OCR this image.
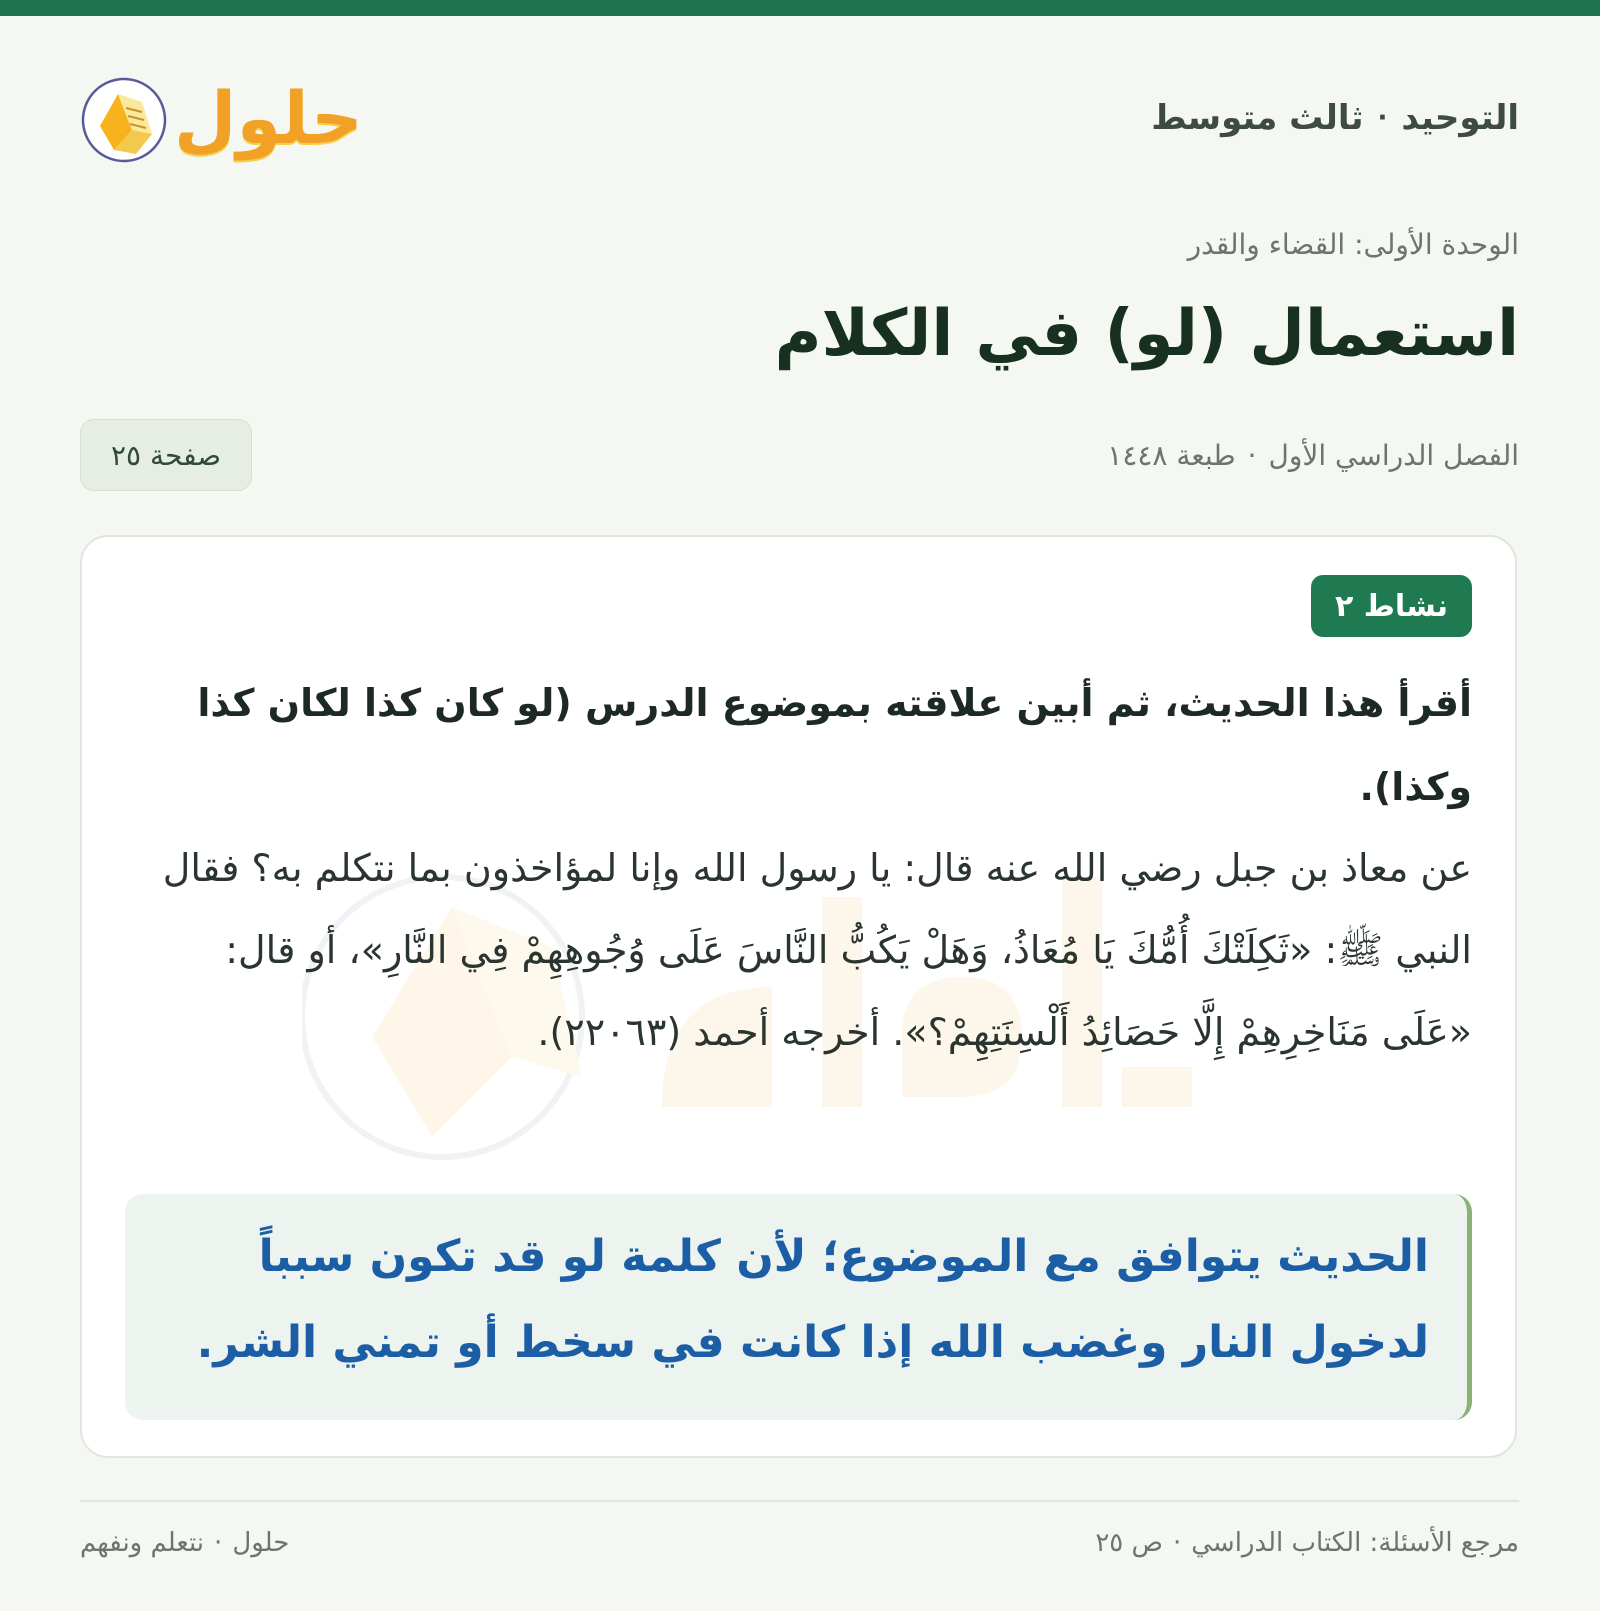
التوحيد
·
ثالث متوسط
حلول
الوحدة الأولى: القضاء والقدر
استعمال (لو) في الكلام
الفصل الدراسي الأول
·
طبعة ١٤٤٨
صفحة ٢٥
نشاط ٢

أقرأ هذا الحديث، ثم أبين علاقته بموضوع الدرس (لو كان كذا لكان كذا وكذا).

عن معاذ بن جبل رضي الله عنه قال: يا رسول الله وإنا لمؤاخذون بما نتكلم به؟ فقال النبي ﷺ: «ثَكِلَتْكَ أُمُّكَ يَا مُعَاذُ، وَهَلْ يَكُبُّ النَّاسَ عَلَى وُجُوهِهِمْ فِي النَّارِ»، أو قال: «عَلَى مَنَاخِرِهِمْ إِلَّا حَصَائِدُ أَلْسِنَتِهِمْ؟». أخرجه أحمد (٢٢٠٦٣).

الحديث يتوافق مع الموضوع؛ لأن كلمة لو قد تكون سبباً لدخول النار وغضب الله إذا كانت في سخط أو تمني الشر.
مرجع الأسئلة: الكتاب الدراسي
·
ص ٢٥
حلول
·
نتعلم ونفهم
